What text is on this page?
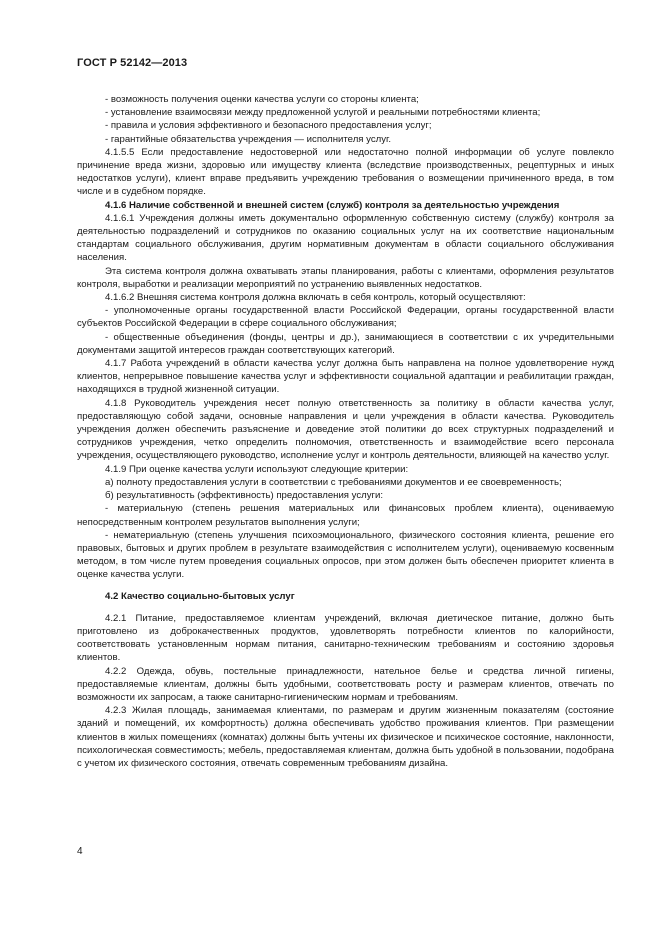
ГОСТ Р 52142—2013

- возможность получения оценки качества услуги со стороны клиента;

- установление взаимосвязи между предложенной услугой и реальными потребностями клиента;

- правила и условия эффективного и безопасного предоставления услуг;

- гарантийные обязательства учреждения — исполнителя услуг.

4.1.5.5 Если предоставление недостоверной или недостаточно полной информации об услуге повлекло причинение вреда жизни, здоровью или имуществу клиента (вследствие производственных, рецептурных и иных недостатков услуги), клиент вправе предъявить учреждению требования о возмещении причиненного вреда, в том числе и в судебном порядке.

4.1.6 Наличие собственной и внешней систем (служб) контроля за деятельностью учреждения

4.1.6.1 Учреждения должны иметь документально оформленную собственную систему (службу) контроля за деятельностью подразделений и сотрудников по оказанию социальных услуг на их соответствие национальным стандартам социального обслуживания, другим нормативным документам в области социального обслуживания населения.

Эта система контроля должна охватывать этапы планирования, работы с клиентами, оформления результатов контроля, выработки и реализации мероприятий по устранению выявленных недостатков.

4.1.6.2 Внешняя система контроля должна включать в себя контроль, который осуществляют:

- уполномоченные органы государственной власти Российской Федерации, органы государственной власти субъектов Российской Федерации в сфере социального обслуживания;

- общественные объединения (фонды, центры и др.), занимающиеся в соответствии с их учредительными документами защитой интересов граждан соответствующих категорий.

4.1.7 Работа учреждений в области качества услуг должна быть направлена на полное удовлетворение нужд клиентов, непрерывное повышение качества услуг и эффективности социальной адаптации и реабилитации граждан, находящихся в трудной жизненной ситуации.

4.1.8 Руководитель учреждения несет полную ответственность за политику в области качества услуг, предоставляющую собой задачи, основные направления и цели учреждения в области качества. Руководитель учреждения должен обеспечить разъяснение и доведение этой политики до всех структурных подразделений и сотрудников учреждения, четко определить полномочия, ответственность и взаимодействие всего персонала учреждения, осуществляющего руководство, исполнение услуг и контроль деятельности, влияющей на качество услуг.

4.1.9 При оценке качества услуги используют следующие критерии:

а) полноту предоставления услуги в соответствии с требованиями документов и ее своевременность;

б) результативность (эффективность) предоставления услуги:

- материальную (степень решения материальных или финансовых проблем клиента), оцениваемую непосредственным контролем результатов выполнения услуги;

- нематериальную (степень улучшения психоэмоционального, физического состояния клиента, решение его правовых, бытовых и других проблем в результате взаимодействия с исполнителем услуги), оцениваемую косвенным методом, в том числе путем проведения социальных опросов, при этом должен быть обеспечен приоритет клиента в оценке качества услуги.

4.2 Качество социально-бытовых услуг

4.2.1 Питание, предоставляемое клиентам учреждений, включая диетическое питание, должно быть приготовлено из доброкачественных продуктов, удовлетворять потребности клиентов по калорийности, соответствовать установленным нормам питания, санитарно-техническим требованиям и состоянию здоровья клиентов.

4.2.2 Одежда, обувь, постельные принадлежности, нательное белье и средства личной гигиены, предоставляемые клиентам, должны быть удобными, соответствовать росту и размерам клиентов, отвечать по возможности их запросам, а также санитарно-гигиеническим нормам и требованиям.

4.2.3 Жилая площадь, занимаемая клиентами, по размерам и другим жизненным показателям (состояние зданий и помещений, их комфортность) должна обеспечивать удобство проживания клиентов. При размещении клиентов в жилых помещениях (комнатах) должны быть учтены их физическое и психическое состояние, наклонности, психологическая совместимость; мебель, предоставляемая клиентам, должна быть удобной в пользовании, подобрана с учетом их физического состояния, отвечать современным требованиям дизайна.

4
